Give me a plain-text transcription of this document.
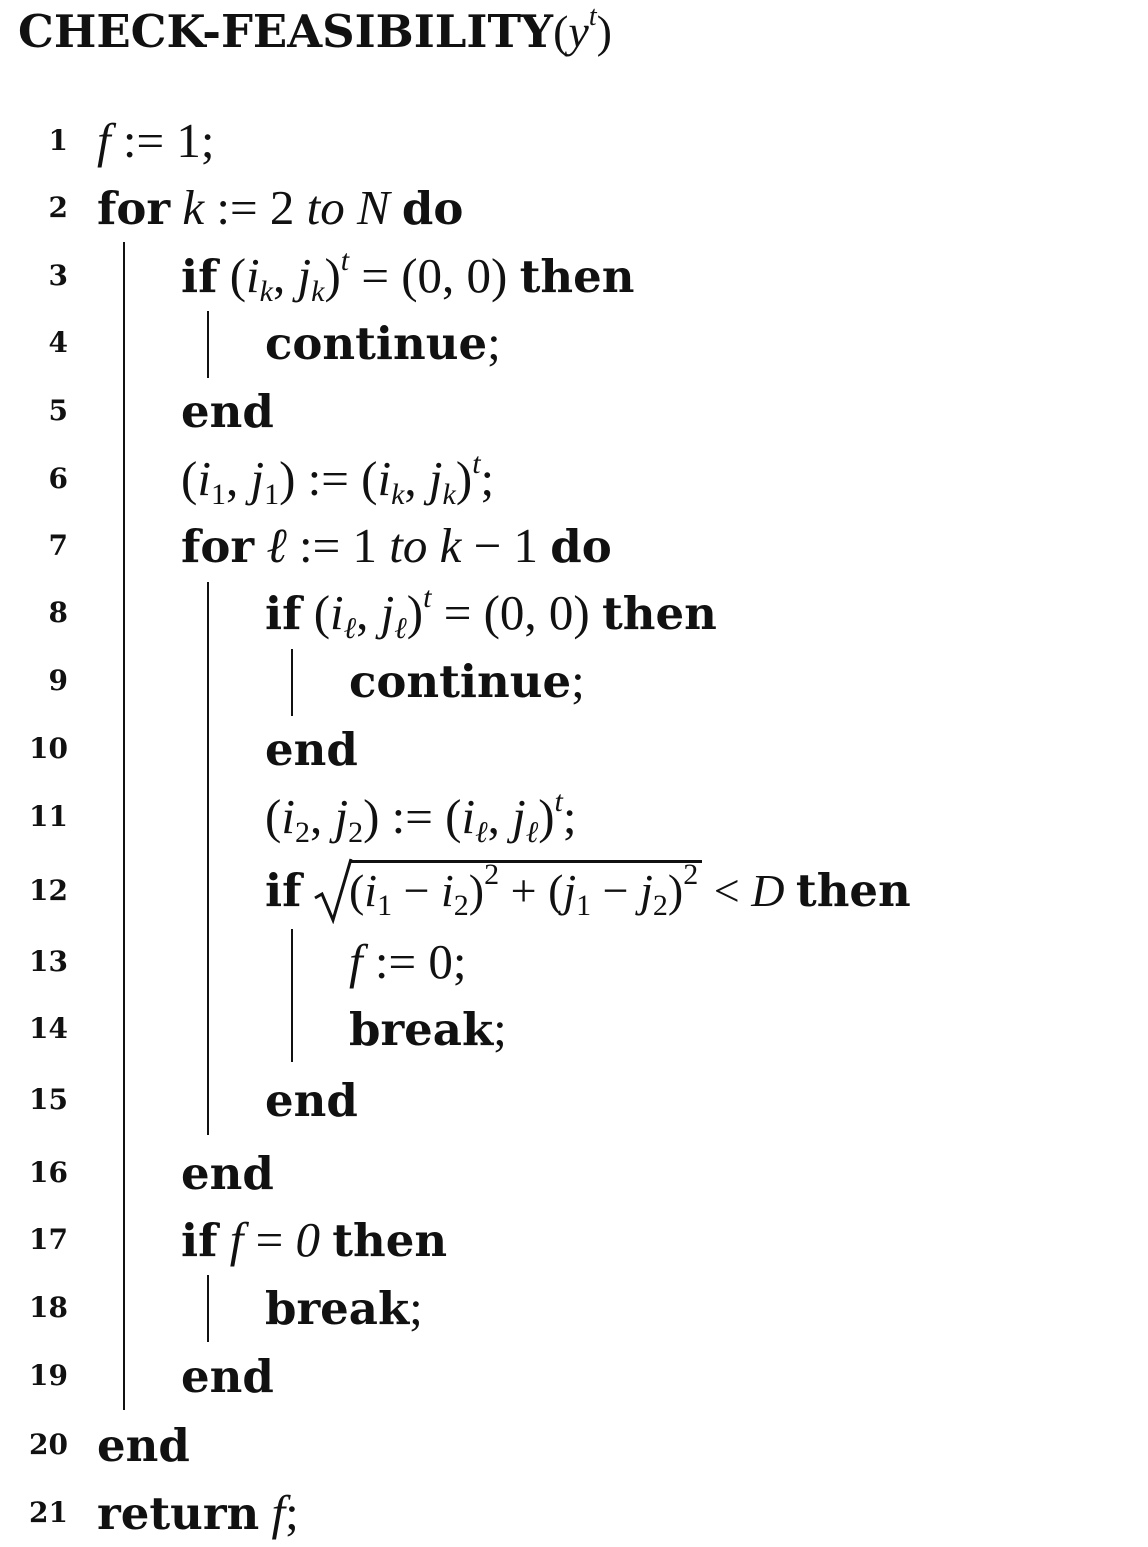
CHECK-$FEASIBILITY(y^t)$
1 f := 1;
2 for k := 2 to N do
3	if ($i_k$, $j_k)^t = (0$, 0) then
4	continue;
5	end
6 ($i_1$, $j_1$) := ($i_k$, $j_k)^t$;
7	for ℓ := 1 to k − 1 do
8	if ($i_\ell$, $j_\ell)^t = (0$, 0) then
9	continue;
10	end
11	($i_2$, $j_2$) := ($i_\ell$, $j_\ell)^t$;
12	if $(i_1 - i_2)^2 + (j_1 - j_2)^2 < D$ then
13	f := 0;
14	break;
15	end
16	end
17	if f = 0 then
18	break;
19	end
20 end
21 return f;
